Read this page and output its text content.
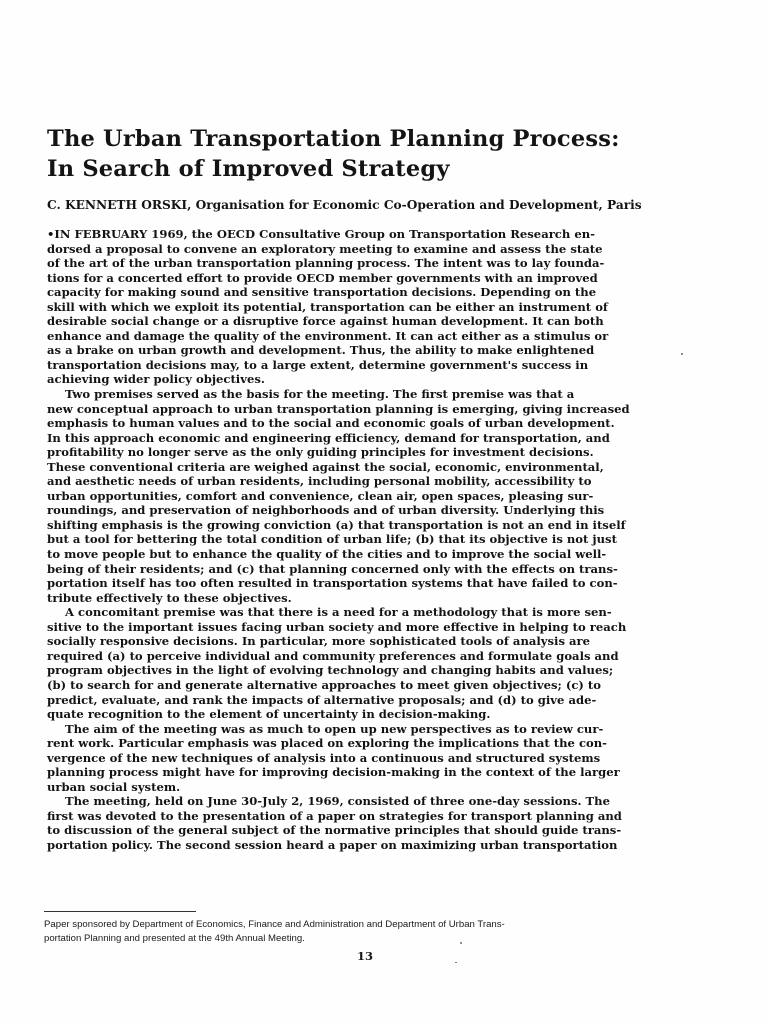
The Urban Transportation Planning Process:
In Search of Improved Strategy
C. KENNETH ORSKI, Organisation for Economic Co-Operation and Development, Paris
•IN FEBRUARY 1969, the OECD Consultative Group on Transportation Research en-
dorsed a proposal to convene an exploratory meeting to examine and assess the state
of the art of the urban transportation planning process. The intent was to lay founda-
tions for a concerted effort to provide OECD member governments with an improved
capacity for making sound and sensitive transportation decisions. Depending on the
skill with which we exploit its potential, transportation can be either an instrument of
desirable social change or a disruptive force against human development. It can both
enhance and damage the quality of the environment. It can act either as a stimulus or
as a brake on urban growth and development. Thus, the ability to make enlightened
transportation decisions may, to a large extent, determine government's success in
achieving wider policy objectives.
Two premises served as the basis for the meeting. The first premise was that a
new conceptual approach to urban transportation planning is emerging, giving increased
emphasis to human values and to the social and economic goals of urban development.
In this approach economic and engineering efficiency, demand for transportation, and
profitability no longer serve as the only guiding principles for investment decisions.
These conventional criteria are weighed against the social, economic, environmental,
and aesthetic needs of urban residents, including personal mobility, accessibility to
urban opportunities, comfort and convenience, clean air, open spaces, pleasing sur-
roundings, and preservation of neighborhoods and of urban diversity. Underlying this
shifting emphasis is the growing conviction (a) that transportation is not an end in itself
but a tool for bettering the total condition of urban life; (b) that its objective is not just
to move people but to enhance the quality of the cities and to improve the social well-
being of their residents; and (c) that planning concerned only with the effects on trans-
portation itself has too often resulted in transportation systems that have failed to con-
tribute effectively to these objectives.
A concomitant premise was that there is a need for a methodology that is more sen-
sitive to the important issues facing urban society and more effective in helping to reach
socially responsive decisions. In particular, more sophisticated tools of analysis are
required (a) to perceive individual and community preferences and formulate goals and
program objectives in the light of evolving technology and changing habits and values;
(b) to search for and generate alternative approaches to meet given objectives; (c) to
predict, evaluate, and rank the impacts of alternative proposals; and (d) to give ade-
quate recognition to the element of uncertainty in decision-making.
The aim of the meeting was as much to open up new perspectives as to review cur-
rent work. Particular emphasis was placed on exploring the implications that the con-
vergence of the new techniques of analysis into a continuous and structured systems
planning process might have for improving decision-making in the context of the larger
urban social system.
The meeting, held on June 30-July 2, 1969, consisted of three one-day sessions. The
first was devoted to the presentation of a paper on strategies for transport planning and
to discussion of the general subject of the normative principles that should guide trans-
portation policy. The second session heard a paper on maximizing urban transportation
Paper sponsored by Department of Economics, Finance and Administration and Department of Urban Trans-
portation Planning and presented at the 49th Annual Meeting.
13
